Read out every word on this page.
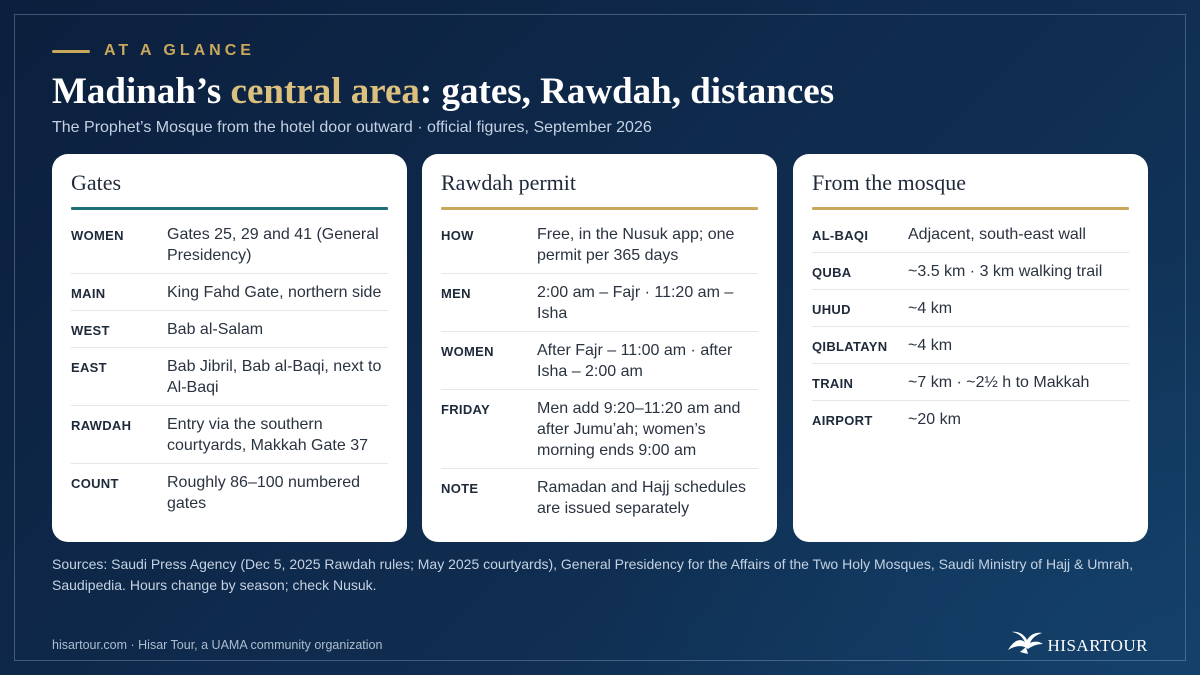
AT A GLANCE
Madinah’s central area: gates, Rawdah, distances
The Prophet’s Mosque from the hotel door outward · official figures, September 2026
Gates
WOMEN	Gates 25, 29 and 41 (General Presidency)
MAIN	King Fahd Gate, northern side
WEST	Bab al-Salam
EAST	Bab Jibril, Bab al-Baqi, next to Al-Baqi
RAWDAH	Entry via the southern courtyards, Makkah Gate 37
COUNT	Roughly 86–100 numbered gates
Rawdah permit
HOW	Free, in the Nusuk app; one permit per 365 days
MEN	2:00 am – Fajr · 11:20 am – Isha
WOMEN	After Fajr – 11:00 am · after Isha – 2:00 am
FRIDAY	Men add 9:20–11:20 am and after Jumu’ah; women’s morning ends 9:00 am
NOTE	Ramadan and Hajj schedules are issued separately
From the mosque
AL-BAQI	Adjacent, south-east wall
QUBA	~3.5 km · 3 km walking trail
UHUD	~4 km
QIBLATAYN	~4 km
TRAIN	~7 km · ~2½ h to Makkah
AIRPORT	~20 km
Sources: Saudi Press Agency (Dec 5, 2025 Rawdah rules; May 2025 courtyards), General Presidency for the Affairs of the Two Holy Mosques, Saudi Ministry of Hajj & Umrah, Saudipedia. Hours change by season; check Nusuk.
hisartour.com · Hisar Tour, a UAMA community organization	HISARTOUR
